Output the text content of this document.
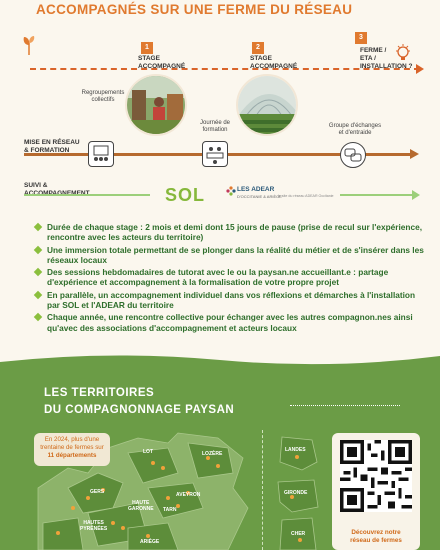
ACCOMPAGNÉS SUR UNE FERME DU RÉSEAU
1
STAGE
ACCOMPAGNÉ
2
STAGE
ACCOMPAGNÉ
3
FERME /
ETA /
INSTALLATION ?
MISE EN RÉSEAU
& FORMATION
Regroupements
collectifs
Journée de
formation
Groupe d'échanges
et d'entraide
SUIVI &	SOL	LES ADEAR
D'OCCITANIE & ARIÈGE
le site du réseau ADEAR Occitanie
Durée de chaque stage : 2 mois et demi dont 15 jours de pause (prise de recul sur l'expérience, rencontre avec les acteurs du territoire)
Une immersion totale permettant de se plonger dans la réalité du métier et de s'insérer dans les réseaux locaux
Des sessions hebdomadaires de tutorat avec le ou la paysan.ne accueillant.e : partage d'expérience et accompagnement à la formalisation de votre propre projet
En parallèle, un accompagnement individuel dans vos réflexions et démarches à l'installation par SOL et l'ADEAR du territoire
Chaque année, une rencontre collective pour échanger avec les autres compagnon.nes ainsi qu'avec des associations d'accompagnement et acteurs locaux
LES TERRITOIRES
DU COMPAGNONNAGE PAYSAN
LOT	LOZÈRE
AVEYRON
GERS
TARN
HAUTE
GARONNE
HAUTES
PYRÉNÉES
ARIÈGE
En 2024, plus d'une
trentaine de fermes sur
11 départements
LANDES
GIRONDE
CHER	Découvrez notre
réseau de fermes
